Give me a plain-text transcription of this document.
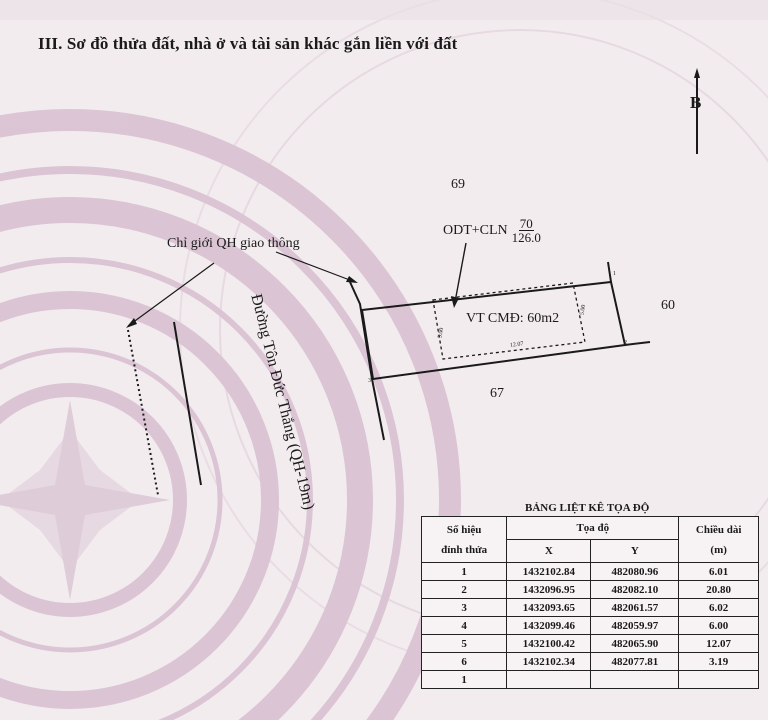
III. Sơ đồ thửa đất, nhà ở và tài sản khác gắn liền với đất
B
69
60
67
$ODT+CLN \frac{70}{126.0}$
Chỉ giới QH giao thông
Đường Tôn Đức Thắng (QH-19m)	VT CMĐ: 60m2
5.00
5.00
12.07
1
2
3
BẢNG LIỆT KÊ TỌA ĐỘ
Số hiệu
đỉnh thửa	Tọa độ		Chiều dài
(m)
	X	Y	
1	1432102.84	482080.96	6.01
2	1432096.95	482082.10	20.80
3	1432093.65	482061.57	6.02
4	1432099.46	482059.97	6.00
5	1432100.42	482065.90	12.07
6	1432102.34	482077.81	3.19
1			
